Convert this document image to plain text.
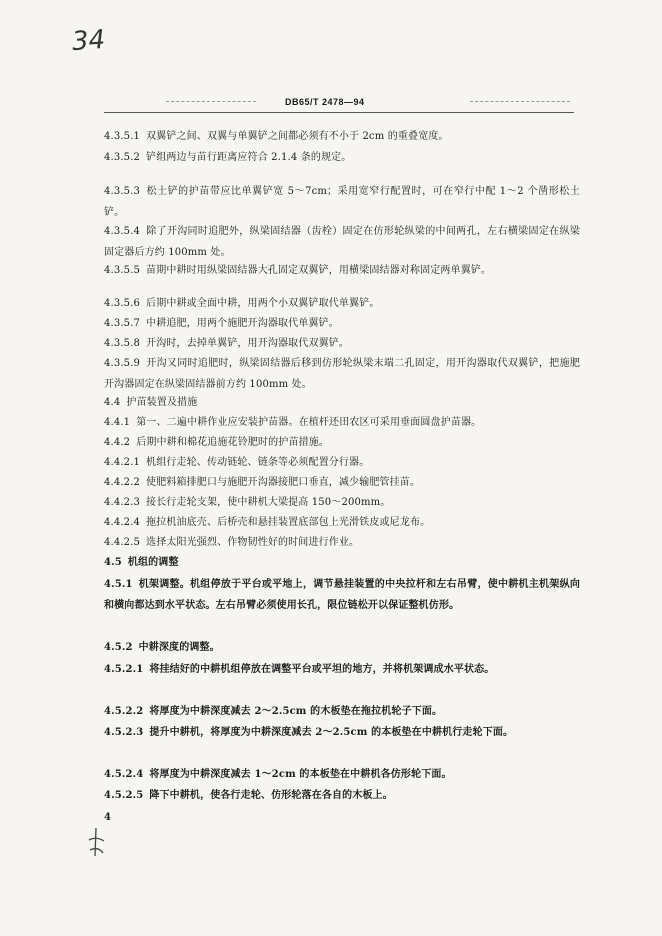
34
DB65/T 2478—94
4.3.5.1 双翼铲之间、双翼与单翼铲之间都必须有不小于 2cm 的重叠宽度。
4.3.5.2 铲组两边与苗行距离应符合 2.1.4 条的规定。
4.3.5.3 松土铲的护苗带应比单翼铲宽 5～7cm；采用宽窄行配置时，可在窄行中配 1～2 个凿形松土铲。
4.3.5.4 除了开沟同时追肥外，纵梁固结器（齿栓）固定在仿形轮纵梁的中间两孔，左右横梁固定在纵梁固定器后方约 100mm 处。
4.3.5.5 苗期中耕时用纵梁固结器大孔固定双翼铲，用横梁固结器对称固定两单翼铲。
4.3.5.6 后期中耕或全面中耕，用两个小双翼铲取代单翼铲。
4.3.5.7 中耕追肥，用两个施肥开沟器取代单翼铲。
4.3.5.8 开沟时，去掉单翼铲，用开沟器取代双翼铲。
4.3.5.9 开沟又同时追肥时，纵梁固结器后移到仿形轮纵梁末端二孔固定，用开沟器取代双翼铲，把施肥开沟器固定在纵梁固结器前方约 100mm 处。
4.4 护苗装置及措施
4.4.1 第一、二遍中耕作业应安装护苗器。在植杆还田农区可采用垂面圆盘护苗器。
4.4.2 后期中耕和棉花追施花铃肥时的护苗措施。
4.4.2.1 机组行走轮、传动链轮、链条等必须配置分行器。
4.4.2.2 使肥料箱排肥口与施肥开沟器接肥口垂直，减少输肥管挂苗。
4.4.2.3 接长行走轮支架，使中耕机大梁提高 150～200mm。
4.4.2.4 拖拉机油底壳、后桥壳和悬挂装置底部包上光滑铁皮或尼龙布。
4.4.2.5 选择太阳光强烈、作物韧性好的时间进行作业。
4.5 机组的调整
4.5.1 机架调整。机组停放于平台或平地上，调节悬挂装置的中央拉杆和左右吊臂，使中耕机主机架纵向和横向都达到水平状态。左右吊臂必须使用长孔，限位链松开以保证整机仿形。
4.5.2 中耕深度的调整。
4.5.2.1 将挂结好的中耕机组停放在调整平台或平坦的地方，并将机架调成水平状态。
4.5.2.2 将厚度为中耕深度减去 2～2.5cm 的木板垫在拖拉机轮子下面。
4.5.2.3 提升中耕机，将厚度为中耕深度减去 2～2.5cm 的本板垫在中耕机行走轮下面。
4.5.2.4 将厚度为中耕深度减去 1～2cm 的本板垫在中耕机各仿形轮下面。
4.5.2.5 降下中耕机，使各行走轮、仿形轮落在各自的木板上。
4
